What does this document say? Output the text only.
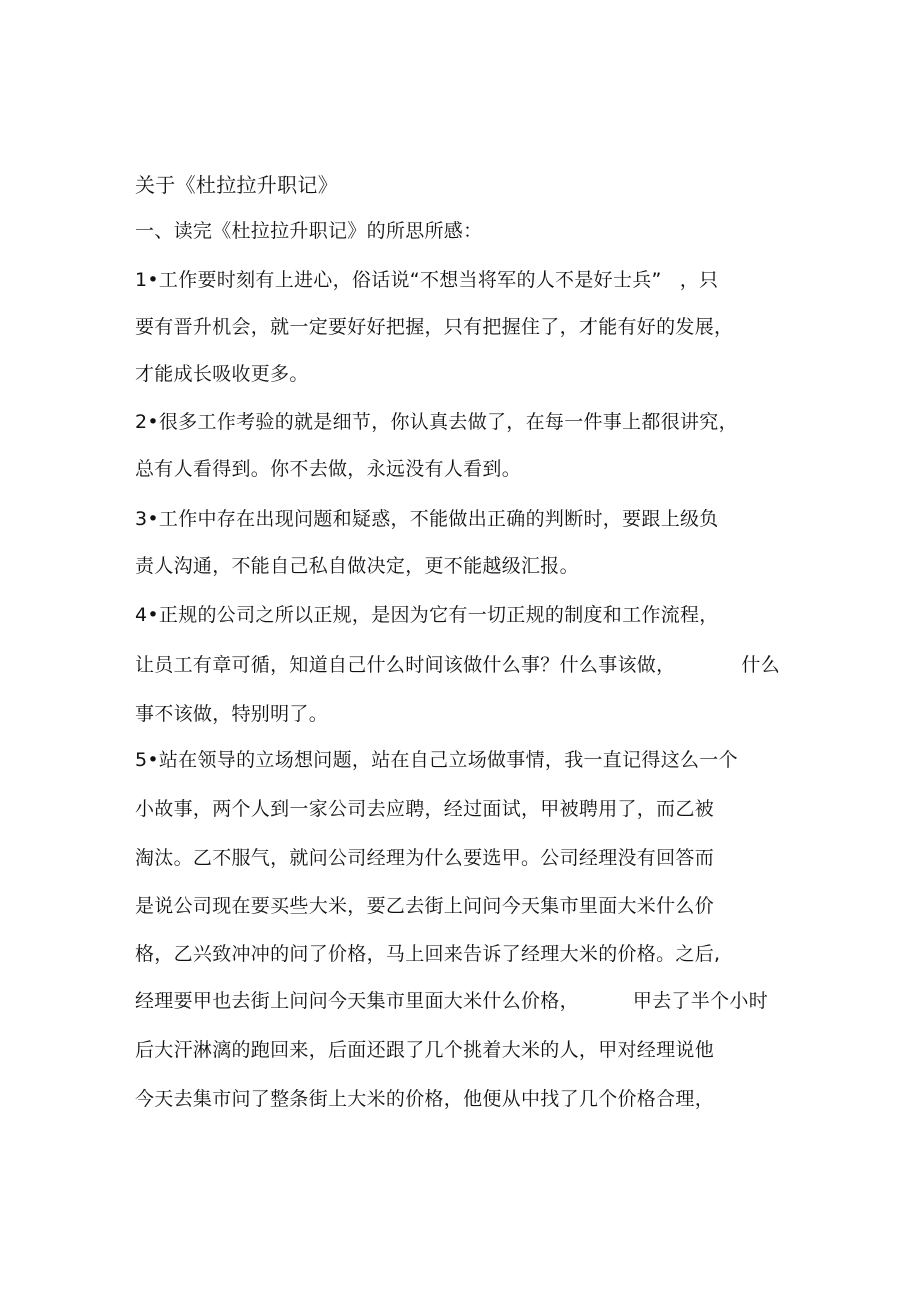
关于《杜拉拉升职记》
一、读完《杜拉拉升职记》的所思所感：
1•工作要时刻有上进心，俗话说“不想当将军的人不是好士兵” ，只
要有晋升机会，就一定要好好把握，只有把握住了，才能有好的发展，
才能成长吸收更多。
2•很多工作考验的就是细节，你认真去做了，在每一件事上都很讲究，
总有人看得到。你不去做，永远没有人看到。
3•工作中存在出现问题和疑惑，不能做出正确的判断时，要跟上级负
责人沟通，不能自己私自做决定，更不能越级汇报。
4•正规的公司之所以正规，是因为它有一切正规的制度和工作流程，
让员工有章可循，知道自己什么时间该做什么事？什么事该做，	什么
事不该做，特别明了。
5•站在领导的立场想问题，站在自己立场做事情，我一直记得这么一个
小故事，两个人到一家公司去应聘，经过面试，甲被聘用了，而乙被
淘汰。乙不服气，就问公司经理为什么要选甲。公司经理没有回答而
是说公司现在要买些大米，要乙去街上问问今天集市里面大米什么价
格，乙兴致冲冲的问了价格，马上回来告诉了经理大米的价格。之后,
经理要甲也去街上问问今天集市里面大米什么价格，	甲去了半个小时
后大汗淋漓的跑回来，后面还跟了几个挑着大米的人，甲对经理说他
今天去集市问了整条街上大米的价格，他便从中找了几个价格合理，
